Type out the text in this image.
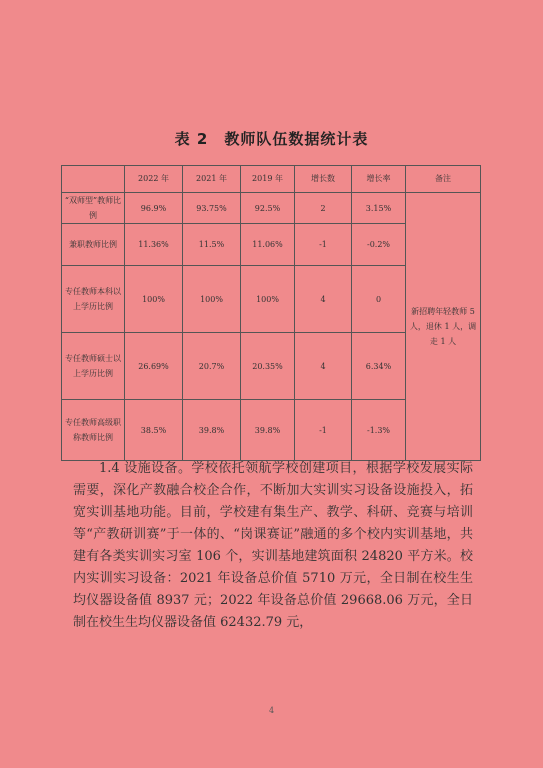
表 2　教师队伍数据统计表
	2022 年	2021 年	2019 年	增长数	增长率	备注
“双师型”教师比例	96.9%	93.75%	92.5%	2	3.15%	新招聘年轻教师 5 人，退休 1 人，调走 1 人
兼职教师比例	11.36%	11.5%	11.06%	-1	-0.2%	
专任教师本科以上学历比例	100%	100%	100%	4	0	
专任教师硕士以上学历比例	26.69%	20.7%	20.35%	4	6.34%	
专任教师高级职称教师比例	38.5%	39.8%	39.8%	-1	-1.3%	

1.4 设施设备。学校依托领航学校创建项目，根据学校发展实际需要，深化产教融合校企合作，不断加大实训实习设备设施投入，拓宽实训基地功能。目前，学校建有集生产、教学、科研、竞赛与培训等“产教研训赛”于一体的、“岗课赛证”融通的多个校内实训基地，共建有各类实训实习室 106 个，实训基地建筑面积 24820 平方米。校内实训实习设备：2021 年设备总价值 5710 万元，全日制在校生生均仪器设备值 8937 元；2022 年设备总价值 29668.06 万元，全日制在校生生均仪器设备值 62432.79 元，

4
